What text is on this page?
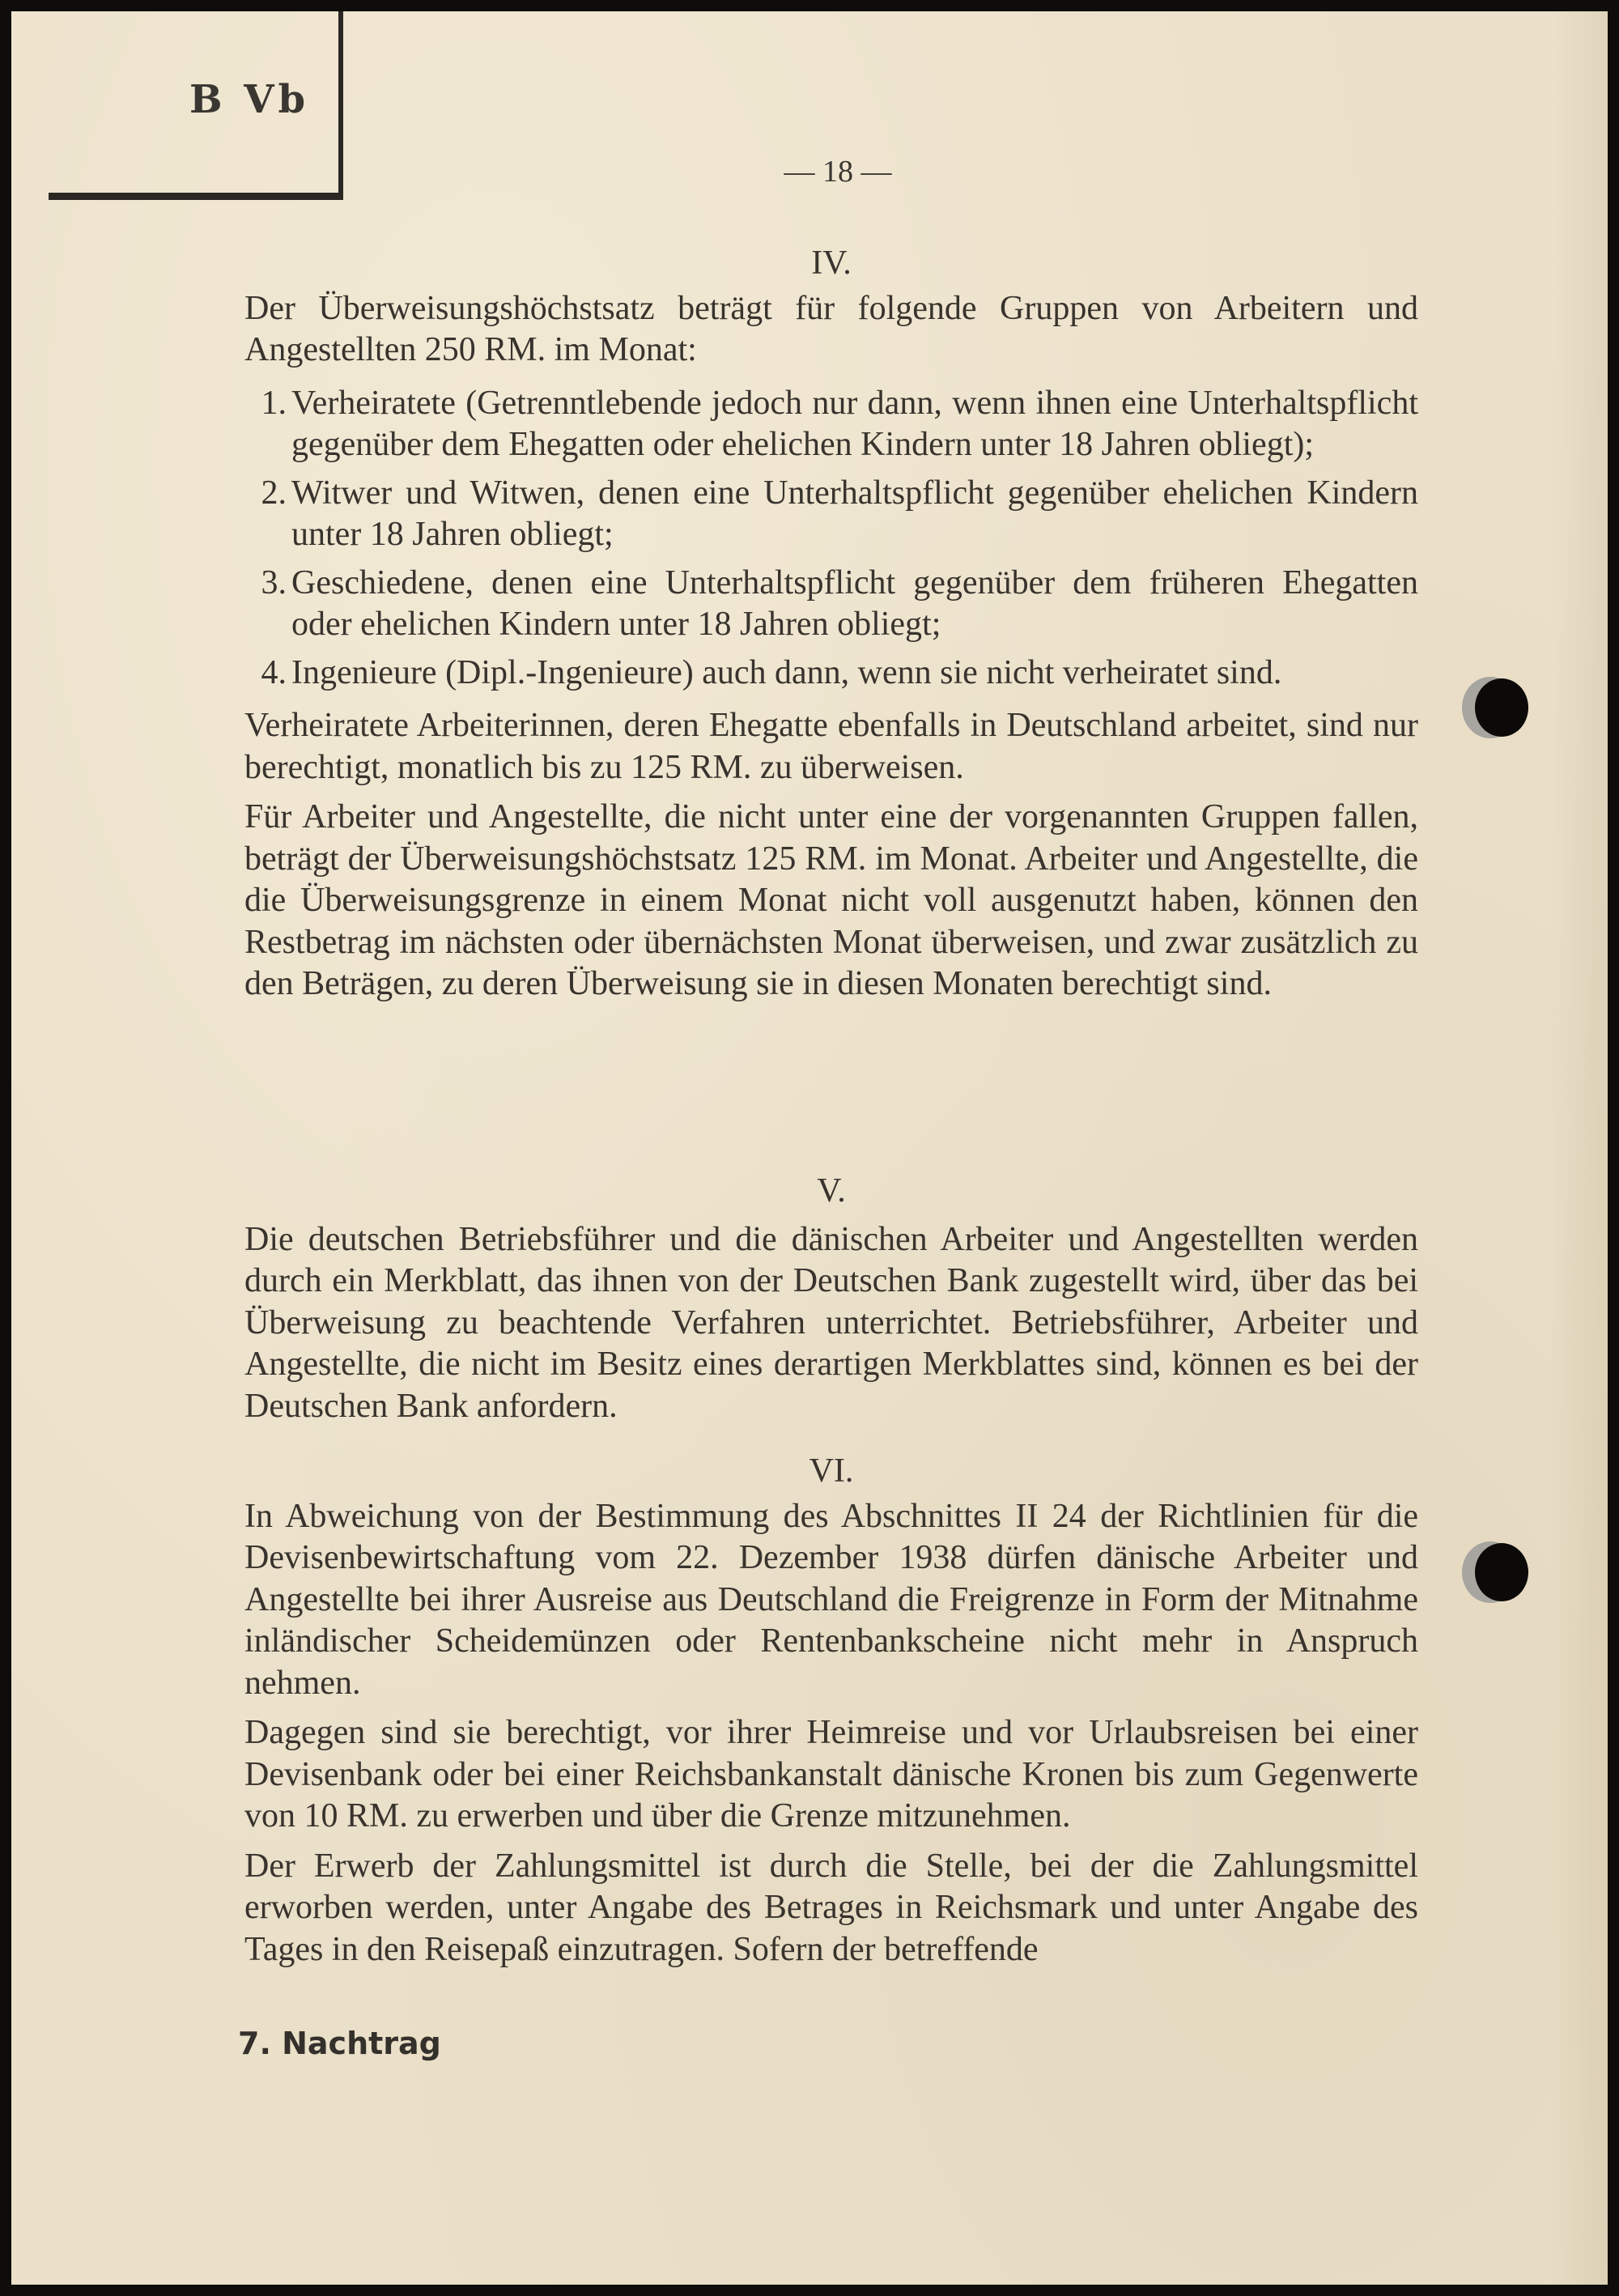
B Vb
— 18 —

IV.

Der Überweisungshöchstsatz beträgt für folgende Gruppen von Arbeitern und Angestellten 250 RM. im Monat:

1. Verheiratete (Getrenntlebende jedoch nur dann, wenn ihnen eine Unterhaltspflicht gegenüber dem Ehegatten oder ehelichen Kindern unter 18 Jahren obliegt);
2. Witwer und Witwen, denen eine Unterhaltspflicht gegenüber ehelichen Kindern unter 18 Jahren obliegt;
3. Geschiedene, denen eine Unterhaltspflicht gegenüber dem früheren Ehegatten oder ehelichen Kindern unter 18 Jahren obliegt;
4. Ingenieure (Dipl.-Ingenieure) auch dann, wenn sie nicht verheiratet sind.

Verheiratete Arbeiterinnen, deren Ehegatte ebenfalls in Deutschland arbeitet, sind nur berechtigt, monatlich bis zu 125 RM. zu überweisen.

Für Arbeiter und Angestellte, die nicht unter eine der vorgenannten Gruppen fallen, beträgt der Überweisungshöchstsatz 125 RM. im Monat. Arbeiter und Angestellte, die die Überweisungsgrenze in einem Monat nicht voll ausgenutzt haben, können den Restbetrag im nächsten oder übernächsten Monat überweisen, und zwar zusätzlich zu den Beträgen, zu deren Überweisung sie in diesen Monaten berechtigt sind.

V.

Die deutschen Betriebsführer und die dänischen Arbeiter und Angestellten werden durch ein Merkblatt, das ihnen von der Deutschen Bank zugestellt wird, über das bei Überweisung zu beachtende Verfahren unterrichtet. Betriebsführer, Arbeiter und Angestellte, die nicht im Besitz eines derartigen Merkblattes sind, können es bei der Deutschen Bank anfordern.

VI.

In Abweichung von der Bestimmung des Abschnittes II 24 der Richtlinien für die Devisenbewirtschaftung vom 22. Dezember 1938 dürfen dänische Arbeiter und Angestellte bei ihrer Ausreise aus Deutschland die Freigrenze in Form der Mitnahme inländischer Scheidemünzen oder Rentenbankscheine nicht mehr in Anspruch nehmen.

Dagegen sind sie berechtigt, vor ihrer Heimreise und vor Urlaubsreisen bei einer Devisenbank oder bei einer Reichsbankanstalt dänische Kronen bis zum Gegenwerte von 10 RM. zu erwerben und über die Grenze mitzunehmen.

Der Erwerb der Zahlungsmittel ist durch die Stelle, bei der die Zahlungsmittel erworben werden, unter Angabe des Betrages in Reichsmark und unter Angabe des Tages in den Reisepaß einzutragen. Sofern der betreffende

7. Nachtrag
